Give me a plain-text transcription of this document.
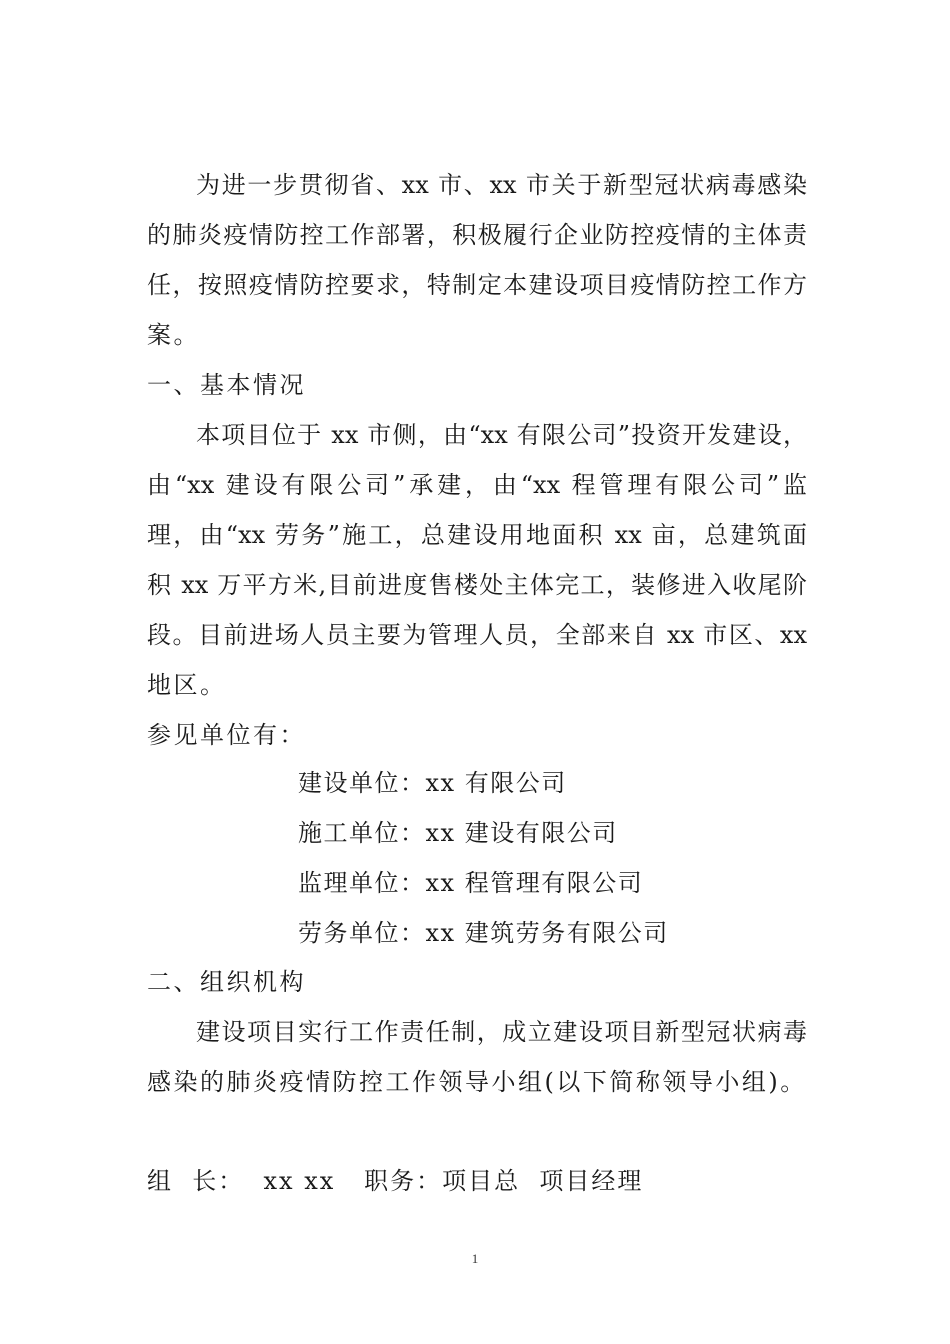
为进一步贯彻省、xx 市、xx 市关于新型冠状病毒感染
的肺炎疫情防控工作部署，积极履行企业防控疫情的主体责
任，按照疫情防控要求，特制定本建设项目疫情防控工作方
案。
一、基本情况
本项目位于 xx 市侧，由“xx 有限公司”投资开发建设，
由“xx 建设有限公司”承建，由“xx 程管理有限公司”监
理，由“xx 劳务”施工，总建设用地面积 xx 亩，总建筑面
积 xx 万平方米,目前进度售楼处主体完工，装修进入收尾阶
段。目前进场人员主要为管理人员，全部来自 xx 市区、xx
地区。
参见单位有：
建设单位：xx 有限公司
施工单位：xx 建设有限公司
监理单位：xx 程管理有限公司
劳务单位：xx 建筑劳务有限公司
二、组织机构
建设项目实行工作责任制，成立建设项目新型冠状病毒
感染的肺炎疫情防控工作领导小组(以下简称领导小组)。
组  长：  xx xx   职务：项目总  项目经理
1
